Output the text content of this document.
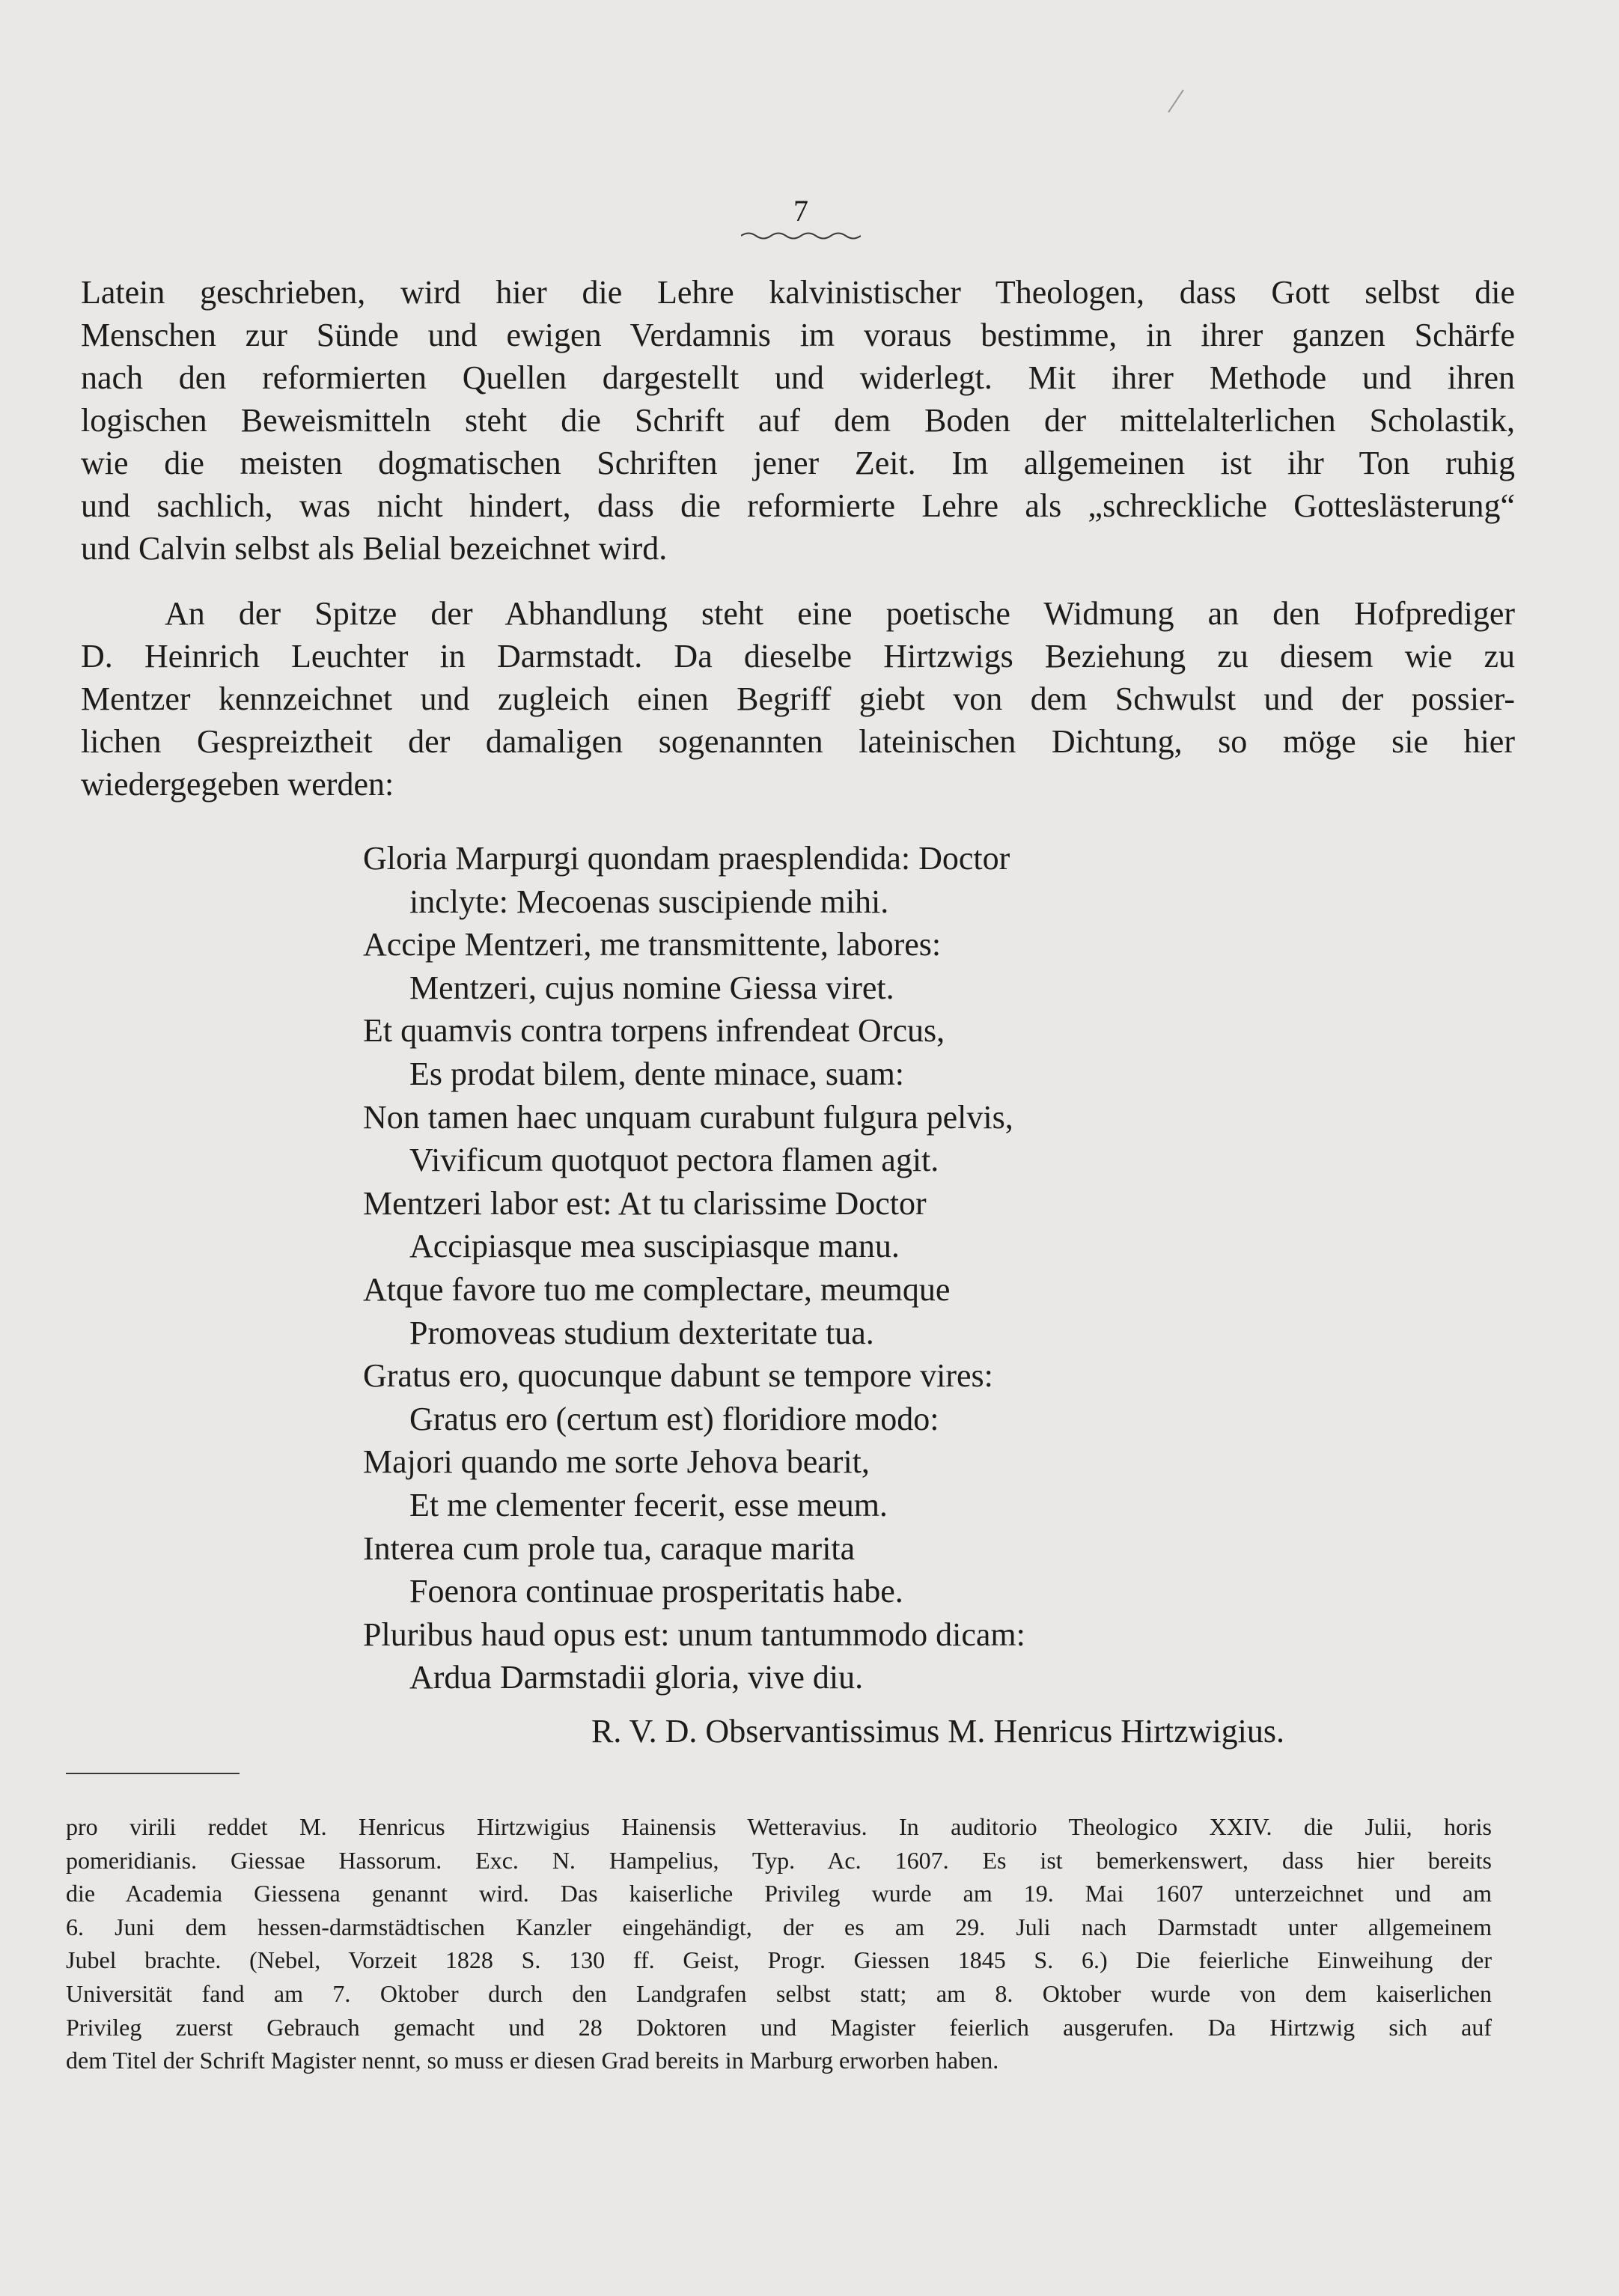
7
Latein geschrieben, wird hier die Lehre kalvinistischer Theologen, dass Gott selbst die
Menschen zur Sünde und ewigen Verdamnis im voraus bestimme, in ihrer ganzen Schärfe
nach den reformierten Quellen dargestellt und widerlegt. Mit ihrer Methode und ihren
logischen Beweismitteln steht die Schrift auf dem Boden der mittelalterlichen Scholastik,
wie die meisten dogmatischen Schriften jener Zeit. Im allgemeinen ist ihr Ton ruhig
und sachlich, was nicht hindert, dass die reformierte Lehre als „schreckliche Gotteslästerung“
und Calvin selbst als Belial bezeichnet wird.
An der Spitze der Abhandlung steht eine poetische Widmung an den Hofprediger
D. Heinrich Leuchter in Darmstadt. Da dieselbe Hirtzwigs Beziehung zu diesem wie zu
Mentzer kennzeichnet und zugleich einen Begriff giebt von dem Schwulst und der possier-
lichen Gespreiztheit der damaligen sogenannten lateinischen Dichtung, so möge sie hier
wiedergegeben werden:
Gloria Marpurgi quondam praesplendida: Doctor
inclyte: Mecoenas suscipiende mihi.
Accipe Mentzeri, me transmittente, labores:
Mentzeri, cujus nomine Giessa viret.
Et quamvis contra torpens infrendeat Orcus,
Es prodat bilem, dente minace, suam:
Non tamen haec unquam curabunt fulgura pelvis,
Vivificum quotquot pectora flamen agit.
Mentzeri labor est: At tu clarissime Doctor
Accipiasque mea suscipiasque manu.
Atque favore tuo me complectare, meumque
Promoveas studium dexteritate tua.
Gratus ero, quocunque dabunt se tempore vires:
Gratus ero (certum est) floridiore modo:
Majori quando me sorte Jehova bearit,
Et me clementer fecerit, esse meum.
Interea cum prole tua, caraque marita
Foenora continuae prosperitatis habe.
Pluribus haud opus est: unum tantummodo dicam:
Ardua Darmstadii gloria, vive diu.
R. V. D. Observantissimus M. Henricus Hirtzwigius.
pro virili reddet M. Henricus Hirtzwigius Hainensis Wetteravius. In auditorio Theologico XXIV. die Julii, horis
pomeridianis. Giessae Hassorum. Exc. N. Hampelius, Typ. Ac. 1607. Es ist bemerkenswert, dass hier bereits
die Academia Giessena genannt wird. Das kaiserliche Privileg wurde am 19. Mai 1607 unterzeichnet und am
6. Juni dem hessen-darmstädtischen Kanzler eingehändigt, der es am 29. Juli nach Darmstadt unter allgemeinem
Jubel brachte. (Nebel, Vorzeit 1828 S. 130 ff. Geist, Progr. Giessen 1845 S. 6.) Die feierliche Einweihung der
Universität fand am 7. Oktober durch den Landgrafen selbst statt; am 8. Oktober wurde von dem kaiserlichen
Privileg zuerst Gebrauch gemacht und 28 Doktoren und Magister feierlich ausgerufen. Da Hirtzwig sich auf
dem Titel der Schrift Magister nennt, so muss er diesen Grad bereits in Marburg erworben haben.
